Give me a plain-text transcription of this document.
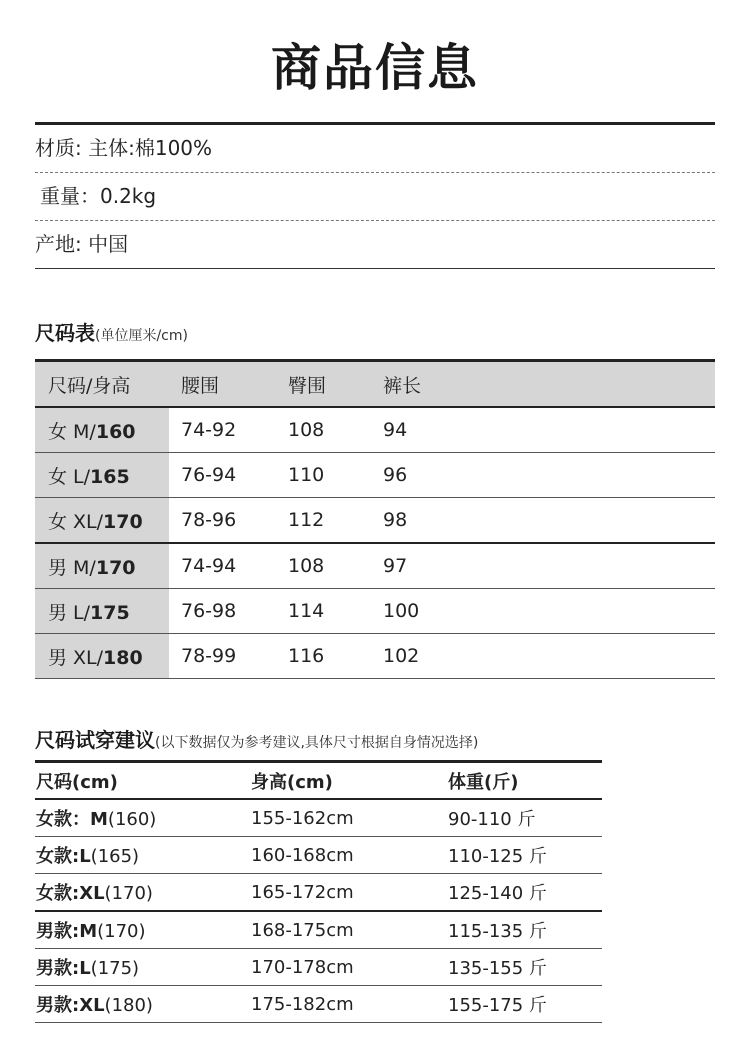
商品信息
材质: 主体:棉100%
重量：0.2kg
产地: 中国
尺码表(单位厘米/cm)
尺码/身高	腰围	臀围	裤长
女 M/160	74-92	108	94
女 L/165	76-94	110	96
女 XL/170	78-96	112	98
男 M/170	74-94	108	97
男 L/175	76-98	114	100
男 XL/180	78-99	116	102
尺码试穿建议(以下数据仅为参考建议,具体尺寸根据自身情况选择)
尺码(cm)	身高(cm)	体重(斤)
女款：M(160)	155-162cm	90-110 斤
女款:L(165)	160-168cm	110-125 斤
女款:XL(170)	165-172cm	125-140 斤
男款:M(170)	168-175cm	115-135 斤
男款:L(175)	170-178cm	135-155 斤
男款:XL(180)	175-182cm	155-175 斤
